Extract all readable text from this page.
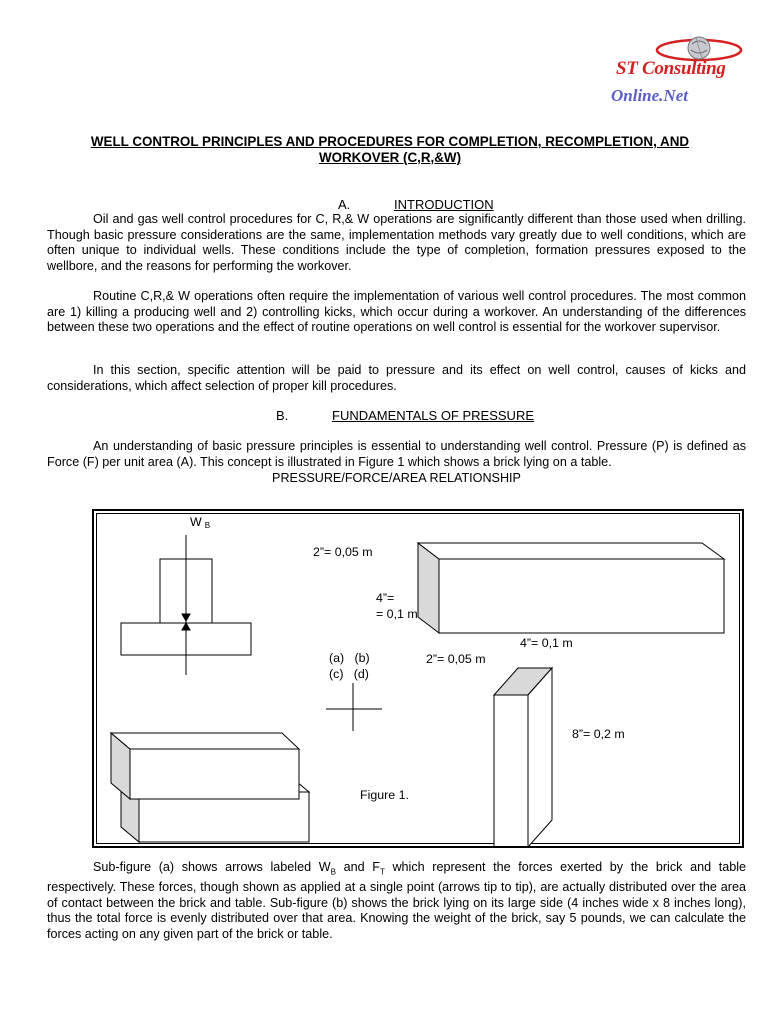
ST Consulting
Online.Net
WELL CONTROL PRINCIPLES AND PROCEDURES FOR COMPLETION, RECOMPLETION, AND WORKOVER (C,R,&W)
A.	INTRODUCTION
Oil and gas well control procedures for C, R,& W operations are significantly different than those used when drilling. Though basic pressure considerations are the same, implementation methods vary greatly due to well conditions, which are often unique to individual wells. These conditions include the type of completion, formation pressures exposed to the wellbore, and the reasons for performing the workover.
Routine C,R,& W operations often require the implementation of various well control procedures. The most common are 1) killing a producing well and 2) controlling kicks, which occur during a workover. An understanding of the differences between these two operations and the effect of routine operations on well control is essential for the workover supervisor.
In this section, specific attention will be paid to pressure and its effect on well control, causes of kicks and considerations, which affect selection of proper kill procedures.
B.	FUNDAMENTALS OF PRESSURE
An understanding of basic pressure principles is essential to understanding well control. Pressure (P) is defined as Force (F) per unit area (A). This concept is illustrated in Figure 1 which shows a brick lying on a table.
PRESSURE/FORCE/AREA RELATIONSHIP
W B
2”= 0,05 m
4”=
= 0,1 m
4”= 0,1 m
(a)   (b)
(c)   (d)
2”= 0,05 m
8”= 0,2 m
Figure 1.
Sub-figure (a) shows arrows labeled $W_B$ and $F_T$ which represent the forces exerted by the brick and table respectively. These forces, though shown as applied at a single point (arrows tip to tip), are actually distributed over the area of contact between the brick and table. Sub-figure (b) shows the brick lying on its large side (4 inches wide x 8 inches long), thus the total force is evenly distributed over that area. Knowing the weight of the brick, say 5 pounds, we can calculate the forces acting on any given part of the brick or table.
